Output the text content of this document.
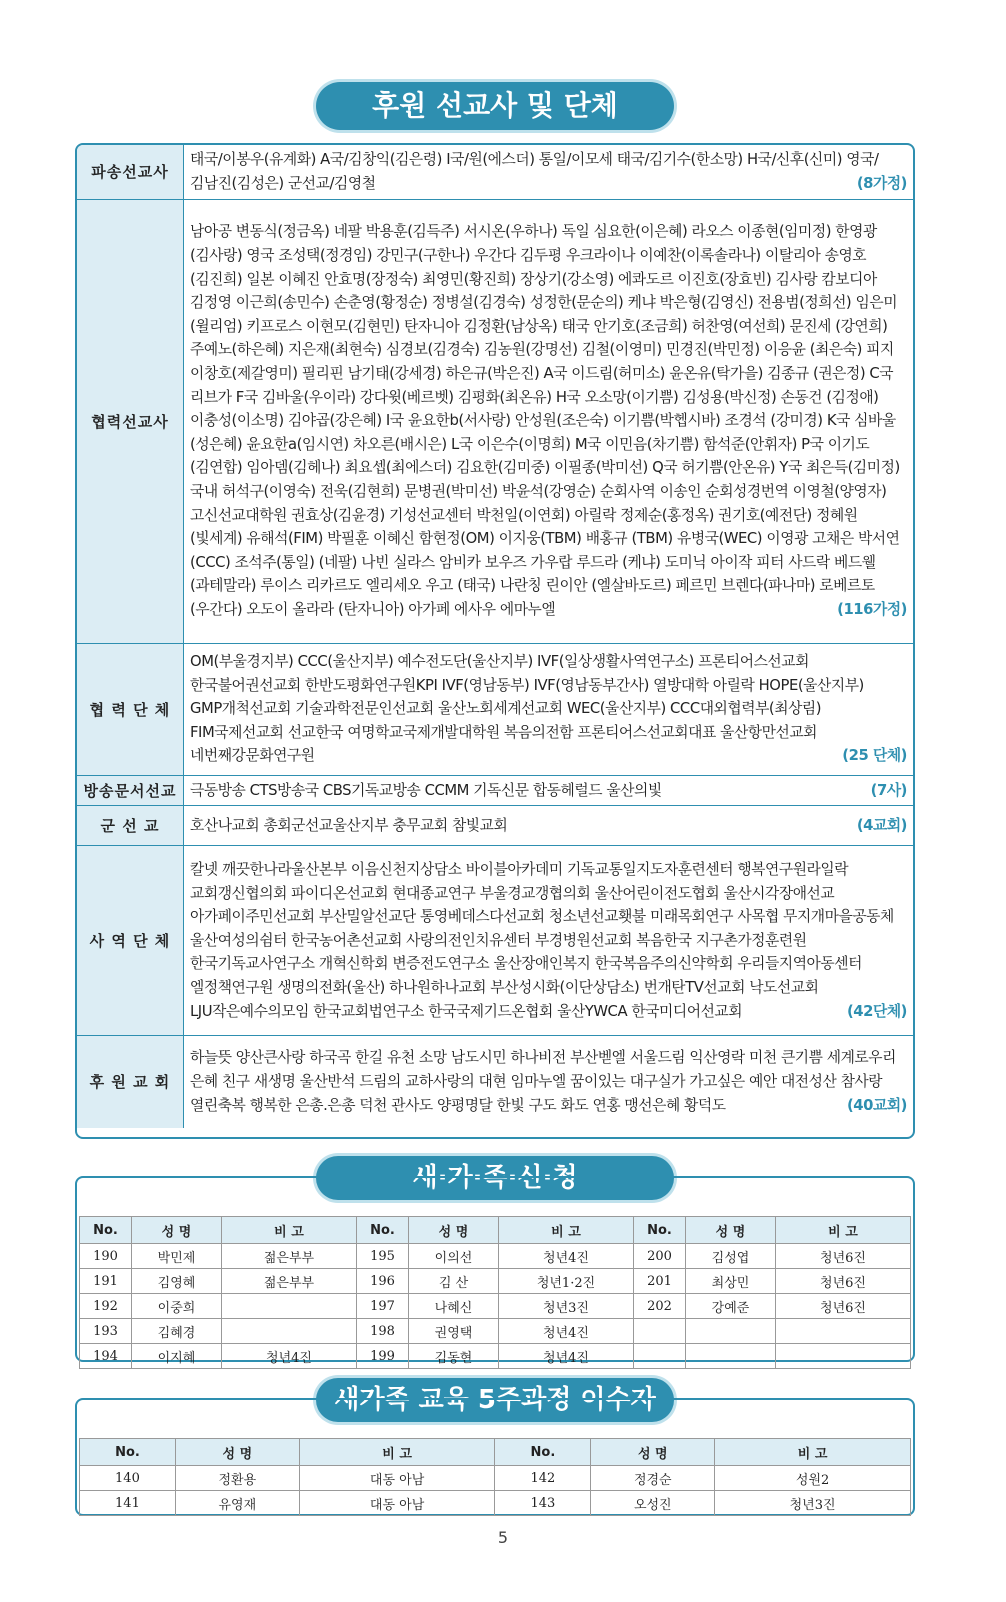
후원 선교사 및 단체
파송선교사	태국/이봉우(유계화) A국/김창익(김은령) I국/원(에스더) 통일/이모세 태국/김기수(한소망) H국/신후(신미) 영국/김남진(김성은) 군선교/김영철 (8가정)

협력선교사	남아공 변동식(정금옥) 네팔 박용훈(김득주) 서시온(우하나) 독일 심요한(이은혜) 라오스 이종현(임미정) 한영광(김사랑) 영국 조성택(정경임) 강민구(구한나) 우간다 김두평 우크라이나 이예찬(이록솔라나) 이탈리아 송영호(김진희) 일본 이혜진 안효명(장정숙) 최영민(황진희) 장상기(강소영) 에콰도르 이진호(장효빈) 김사랑 캄보디아 김정영 이근희(송민수) 손춘영(황정순) 정병설(김경숙) 성정한(문순의) 케냐 박은형(김영신) 전용범(정희선) 임은미 (윌리엄) 키프로스 이현모(김현민) 탄자니아 김정환(남상옥) 태국 안기호(조금희) 허찬영(여선희) 문진세 (강연희) 주예노(하은혜) 지은재(최현숙) 심경보(김경숙) 김농원(강명선) 김철(이영미) 민경진(박민정) 이응윤 (최은숙) 피지 이창호(제갈영미) 필리핀 남기태(강세경) 하은규(박은진) A국 이드림(허미소) 윤온유(탁가을) 김종규 (권은정) C국 리브가 F국 김바울(우이라) 강다윗(베르벳) 김평화(최온유) H국 오소망(이기쁨) 김성용(박신정) 손동건 (김정애) 이충성(이소명) 김야곱(강은혜) I국 윤요한b(서사랑) 안성원(조은숙) 이기쁨(박헵시바) 조경석 (강미경) K국 심바울(성은혜) 윤요한a(임시연) 차오른(배시은) L국 이은수(이명희) M국 이민음(차기쁨) 함석준(안휘자) P국 이기도(김연합) 임아뎀(김헤나) 최요셉(최에스더) 김요한(김미중) 이필종(박미선) Q국 허기쁨(안온유) Y국 최은득(김미정) 국내 허석구(이영숙) 전욱(김현희) 문병권(박미선) 박윤석(강영순) 순회사역 이송인 순회성경번역 이영철(양영자) 고신선교대학원 권효상(김윤경) 기성선교센터 박천일(이연회) 아릴락 정제순(홍정옥) 권기호(예전단) 정혜원(빛세계) 유해석(FIM) 박필훈 이혜신 함현정(OM) 이지웅(TBM) 배홍규 (TBM) 유병국(WEC) 이영광 고채은 박서연(CCC) 조석주(통일) (네팔) 나빈 실라스 암비카 보우즈 가우랍 루드라 (케냐) 도미닉 아이작 피터 사드락 베드웰 (과테말라) 루이스 리카르도 엘리세오 우고 (태국) 나란칭 린이안 (엘살바도르) 페르민 브렌다(파나마) 로베르토 (우간다) 오도이 올라라 (탄자니아) 아가페 에사우 에마누엘 (116가정)

협 력 단 체	OM(부울경지부) CCC(울산지부) 예수전도단(울산지부) IVF(일상생활사역연구소) 프론티어스선교회 한국불어권선교회 한반도평화연구원KPI IVF(영남동부) IVF(영남동부간사) 열방대학 아릴락 HOPE(울산지부) GMP개척선교회 기술과학전문인선교회 울산노회세계선교회 WEC(울산지부) CCC대외협력부(최상림) FIM국제선교회 선교한국 여명학교국제개발대학원 복음의전함 프론티어스선교회대표 울산항만선교회 네번째강문화연구원 (25 단체)

방송문서선교	극동방송 CTS방송국 CBS기독교방송 CCMM 기독신문 합동헤럴드 울산의빛 (7사)

군 선 교	호산나교회 총회군선교울산지부 충무교회 참빛교회 (4교회)

사 역 단 체	칼넷 깨끗한나라울산본부 이음신천지상담소 바이블아카데미 기독교통일지도자훈련센터 행복연구원라일락 교회갱신협의회 파이디온선교회 현대종교연구 부울경교갱협의회 울산어린이전도협회 울산시각장애선교 아가페이주민선교회 부산밀알선교단 통영베데스다선교회 청소년선교횃불 미래목회연구 사목협 무지개마을공동체 울산여성의쉼터 한국농어촌선교회 사랑의전인치유센터 부경병원선교회 복음한국 지구촌가정훈련원 한국기독교사연구소 개혁신학회 변증전도연구소 울산장애인복지 한국복음주의신약학회 우리들지역아동센터 엘정책연구원 생명의전화(울산) 하나원하나교회 부산성시화(이단상담소) 번개탄TV선교회 낙도선교회 LJU작은예수의모임 한국교회법연구소 한국국제기드온협회 울산YWCA 한국미디어선교회 (42단체)

후 원 교 회	하늘뜻 양산큰사랑 하국곡 한길 유천 소망 남도시민 하나비전 부산벧엘 서울드림 익산영락 미천 큰기쁨 세계로우리 은혜 친구 새생명 울산반석 드림의 교하사랑의 대현 임마누엘 꿈이있는 대구실가 가고싶은 예안 대전성산 참사랑 열린축복 행복한 은총.은총 덕천 관사도 양평명달 한빛 구도 화도 연홍 맹선은혜 황덕도 (40교회)
새·가·족·신·청
No.	성 명	비 고	No.	성 명	비 고	No.	성 명	비 고
190	박민제	젊은부부	195	이의선	청년4진	200	김성엽	청년6진
191	김영혜	젊은부부	196	김 산	청년1·2진	201	최상민	청년6진
192	이중희		197	나혜신	청년3진	202	강예준	청년6진
193	김혜경		198	권영택	청년4진			
194	이지혜	청년4진	199	김동현	청년4진			
새가족 교육 5주과정 이수자
No.	성 명	비 고	No.	성 명	비 고
140	정환용	대동 아남	142	정경순	성원2
141	유영재	대동 아남	143	오성진	청년3진
5
